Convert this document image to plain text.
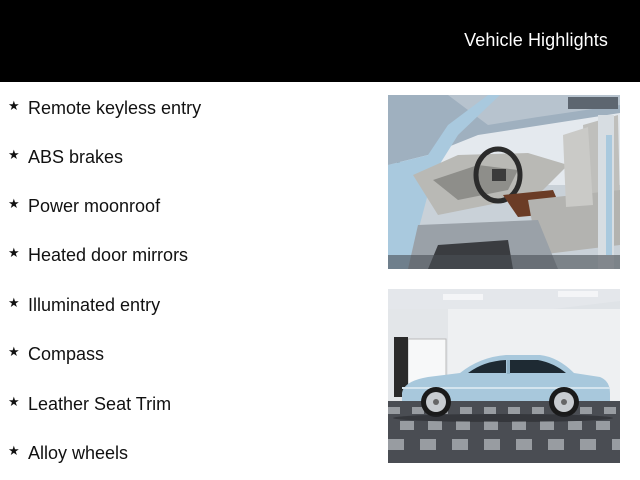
Vehicle Highlights
★ Remote keyless entry
★ ABS brakes
★ Power moonroof
★ Heated door mirrors
★ Illuminated entry
★ Compass
★ Leather Seat Trim
★ Alloy wheels
